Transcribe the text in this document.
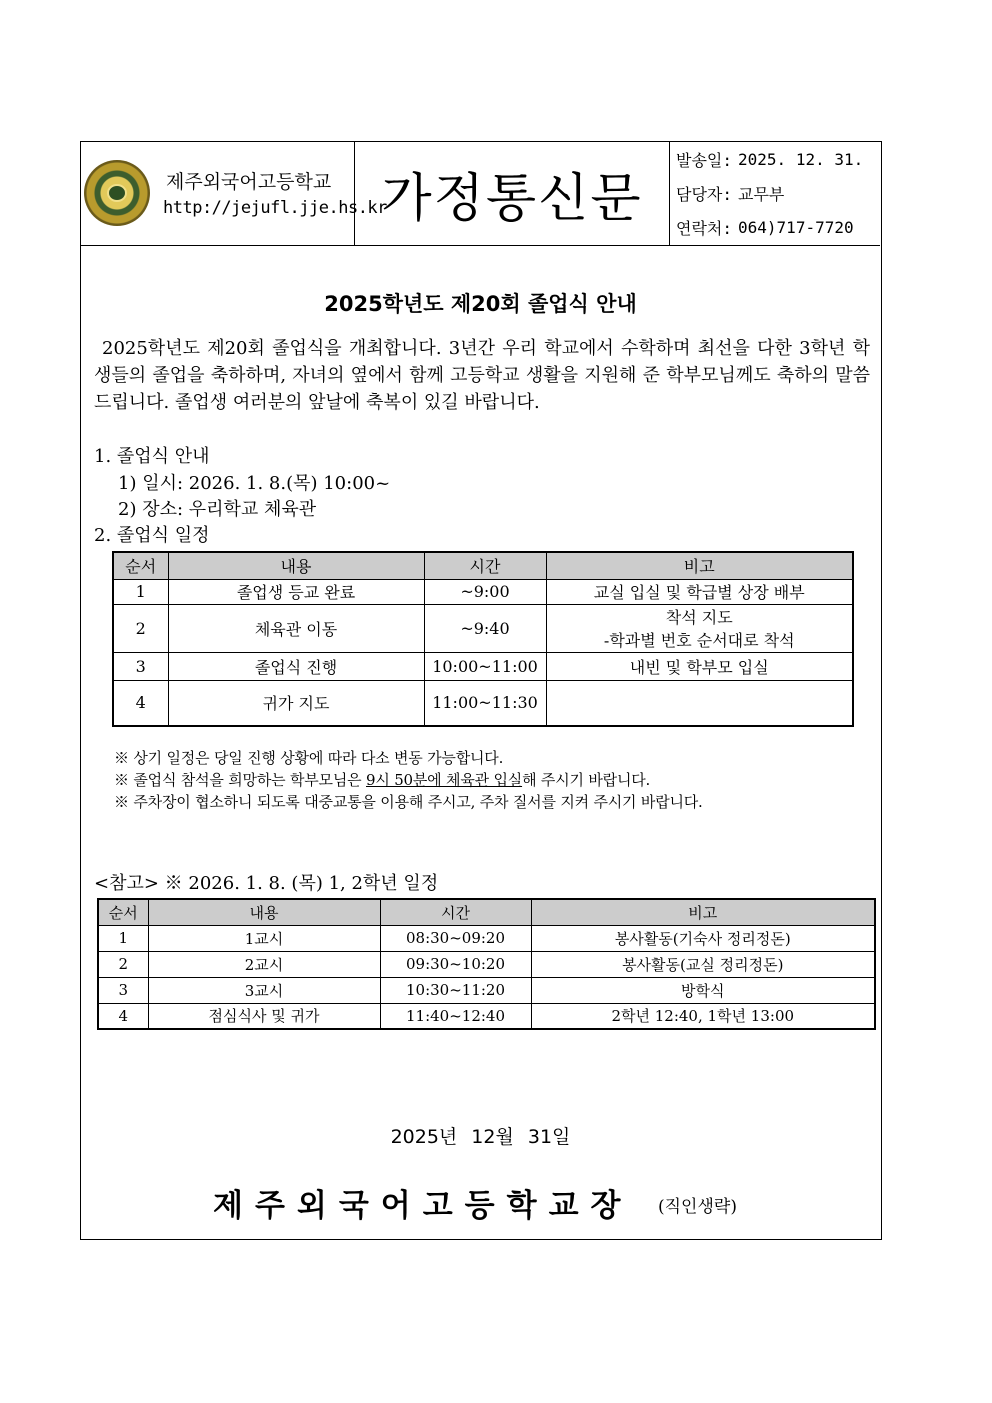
제주외국어고등학교
http://jejufl.jje.hs.kr
가정통신문
발송일: 2025. 12. 31.
담당자: 교무부
연락처: 064)717-7720
2025학년도 제20회 졸업식 안내
2025학년도 제20회 졸업식을 개최합니다. 3년간 우리 학교에서 수학하며 최선을 다한 3학년 학생들의 졸업을 축하하며, 자녀의 옆에서 함께 고등학교 생활을 지원해 준 학부모님께도 축하의 말씀 드립니다. 졸업생 여러분의 앞날에 축복이 있길 바랍니다.
1. 졸업식 안내
1) 일시: 2026. 1. 8.(목) 10:00~
2) 장소: 우리학교 체육관
2. 졸업식 일정
순서	내용	시간	비고
1	졸업생 등교 완료	~9:00	교실 입실 및 학급별 상장 배부
2	체육관 이동	~9:40	착석 지도
-학과별 번호 순서대로 착석

3	졸업식 진행	10:00~11:00	내빈 및 학부모 입실
4	귀가 지도	11:00~11:30	
※ 상기 일정은 당일 진행 상황에 따라 다소 변동 가능합니다.
※ 졸업식 참석을 희망하는 학부모님은 9시 50분에 체육관 입실해 주시기 바랍니다.
※ 주차장이 협소하니 되도록 대중교통을 이용해 주시고, 주차 질서를 지켜 주시기 바랍니다.
<참고> ※ 2026. 1. 8. (목) 1, 2학년 일정
순서	내용	시간	비고
1	1교시	08:30~09:20	봉사활동(기숙사 정리정돈)
2	2교시	09:30~10:20	봉사활동(교실 정리정돈)
3	3교시	10:30~11:20	방학식
4	점심식사 및 귀가	11:40~12:40	2학년 12:40, 1학년 13:00
2025년 12월 31일
제주외국어고등학교장 (직인생략)
